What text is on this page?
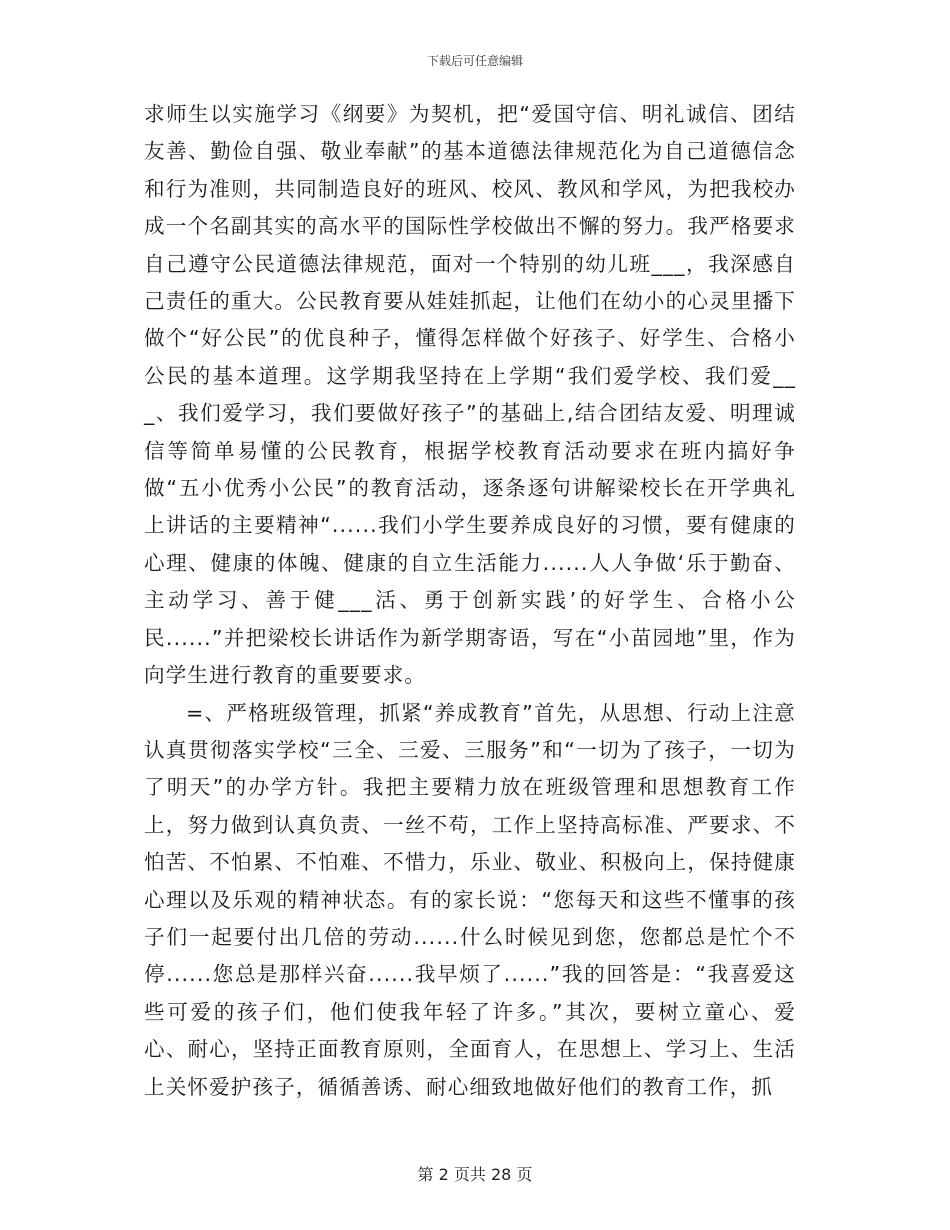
下载后可任意编辑

求师生以实施学习《纲要》为契机，把“爱国守信、明礼诚信、团结友善、勤俭自强、敬业奉献”的基本道德法律规范化为自己道德信念和行为准则，共同制造良好的班风、校风、教风和学风，为把我校办成一个名副其实的高水平的国际性学校做出不懈的努力。我严格要求自己遵守公民道德法律规范，面对一个特别的幼儿班___，我深感自己责任的重大。公民教育要从娃娃抓起，让他们在幼小的心灵里播下做个“好公民”的优良种子，懂得怎样做个好孩子、好学生、合格小公民的基本道理。这学期我坚持在上学期“我们爱学校、我们爱___、我们爱学习，我们要做好孩子”的基础上,结合团结友爱、明理诚信等简单易懂的公民教育，根据学校教育活动要求在班内搞好争做“五小优秀小公民”的教育活动，逐条逐句讲解梁校长在开学典礼上讲话的主要精神“......我们小学生要养成良好的习惯，要有健康的心理、健康的体魄、健康的自立生活能力......人人争做‘乐于勤奋、主动学习、善于健___活、勇于创新实践’的好学生、合格小公民......”并把梁校长讲话作为新学期寄语，写在“小苗园地”里，作为向学生进行教育的重要要求。

=、严格班级管理，抓紧“养成教育”首先，从思想、行动上注意认真贯彻落实学校“三全、三爱、三服务”和“一切为了孩子，一切为了明天”的办学方针。我把主要精力放在班级管理和思想教育工作上，努力做到认真负责、一丝不苟，工作上坚持高标准、严要求、不怕苦、不怕累、不怕难、不惜力，乐业、敬业、积极向上，保持健康心理以及乐观的精神状态。有的家长说：“您每天和这些不懂事的孩子们一起要付出几倍的劳动......什么时候见到您，您都总是忙个不停......您总是那样兴奋......我早烦了......”我的回答是：“我喜爱这些可爱的孩子们，他们使我年轻了许多。”其次，要树立童心、爱心、耐心，坚持正面教育原则，全面育人，在思想上、学习上、生活上关怀爱护孩子，循循善诱、耐心细致地做好他们的教育工作，抓

第 2 页共 28 页
